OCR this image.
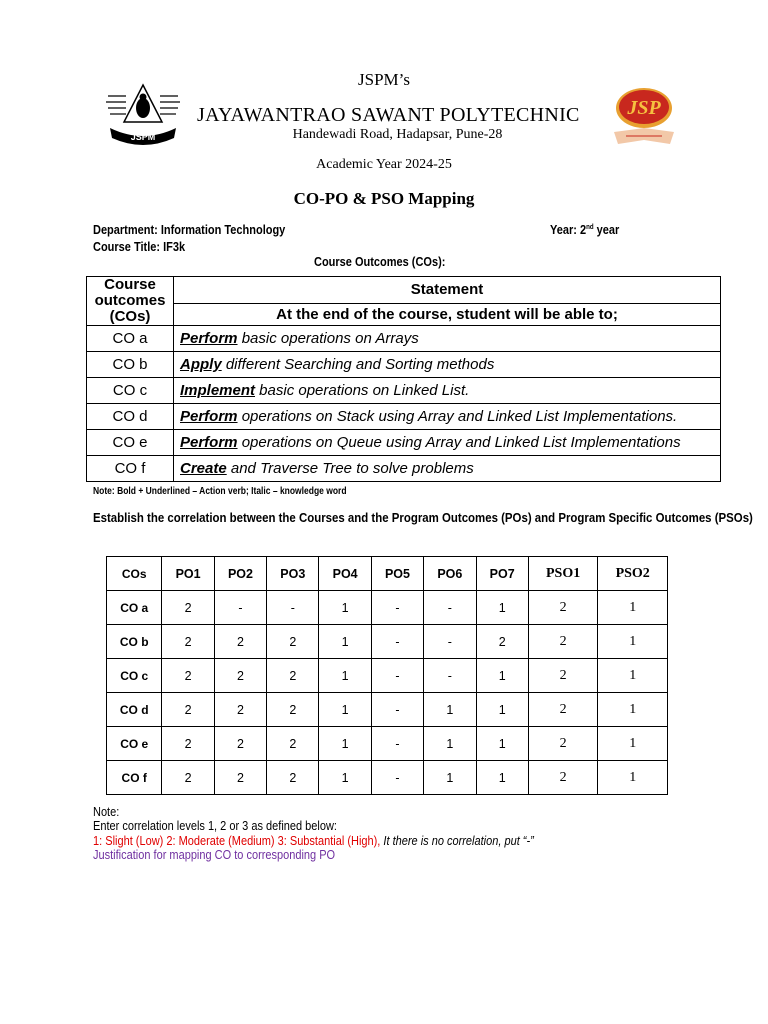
JSPM
JSP
JSPM’s
JAYAWANTRAO SAWANT POLYTECHNIC
Handewadi Road, Hadapsar, Pune-28
Academic Year 2024-25
CO-PO & PSO Mapping
Department: Information Technology	Year: 2nd year
Course Title: IF3k
Course Outcomes (COs):
Course outcomes (COs)	Statement
	At the end of the course, student will be able to;
CO a	Perform basic operations on Arrays
CO b	Apply different Searching and Sorting methods
CO c	Implement basic operations on Linked List.
CO d	Perform operations on Stack using Array and Linked List Implementations.
CO e	Perform operations on Queue using Array and Linked List Implementations
CO f	Create and Traverse Tree to solve problems
Note: Bold + Underlined – Action verb; Italic – knowledge word
Establish the correlation between the Courses and the Program Outcomes (POs) and Program Specific Outcomes (PSOs)
COs	PO1	PO2	PO3	PO4	PO5	PO6	PO7	PSO1	PSO2
CO a	2	-	-	1	-	-	1	2	1
CO b	2	2	2	1	-	-	2	2	1
CO c	2	2	2	1	-	-	1	2	1
CO d	2	2	2	1	-	1	1	2	1
CO e	2	2	2	1	-	1	1	2	1
CO f	2	2	2	1	-	1	1	2	1
Note:
Enter correlation levels 1, 2 or 3 as defined below:
1: Slight (Low) 2: Moderate (Medium) 3: Substantial (High), It there is no correlation, put “-”
Justification for mapping CO to corresponding PO
